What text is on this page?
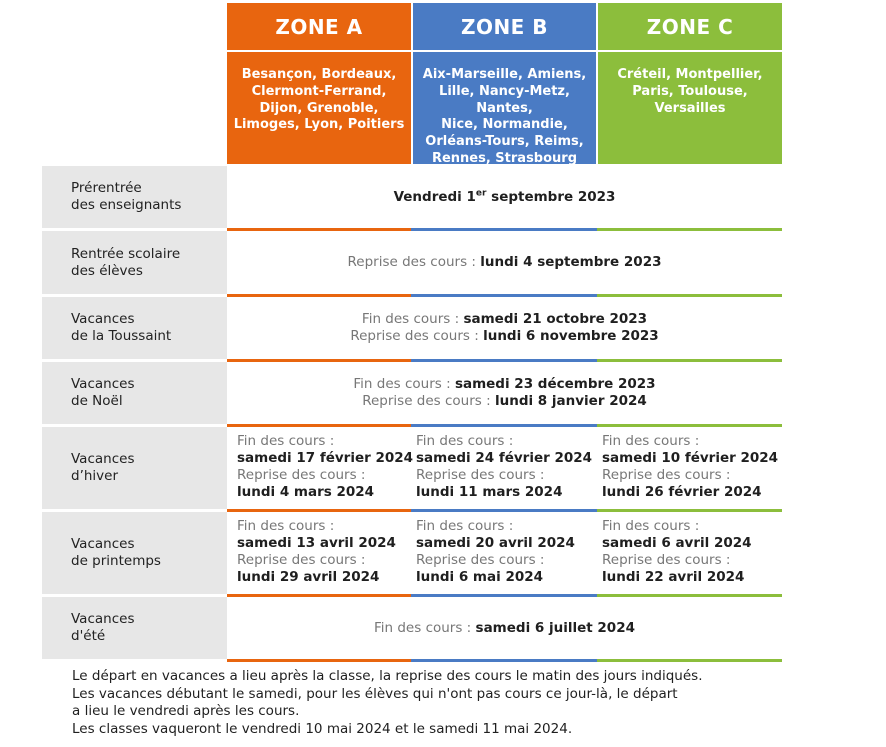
ZONE A	ZONE B	ZONE C
Besançon, Bordeaux,
Clermont-Ferrand,
Dijon, Grenoble,
Limoges, Lyon, Poitiers
Aix-Marseille, Amiens,
Lille, Nancy-Metz, Nantes,
Nice, Normandie,
Orléans-Tours, Reims,
Rennes, Strasbourg
Créteil, Montpellier,
Paris, Toulouse,
Versailles
Prérentrée
des enseignants
Vendredi 1er septembre 2023
Rentrée scolaire
des élèves
Reprise des cours : lundi 4 septembre 2023
Vacances
de la Toussaint
Fin des cours : samedi 21 octobre 2023
Reprise des cours : lundi 6 novembre 2023
Vacances
de Noël
Fin des cours : samedi 23 décembre 2023
Reprise des cours : lundi 8 janvier 2024
Vacances
d’hiver
Fin des cours :
samedi 17 février 2024
Reprise des cours :
lundi 4 mars 2024
Fin des cours :
samedi 24 février 2024
Reprise des cours :
lundi 11 mars 2024
Fin des cours :
samedi 10 février 2024
Reprise des cours :
lundi 26 février 2024
Vacances
de printemps
Fin des cours :
samedi 13 avril 2024
Reprise des cours :
lundi 29 avril 2024
Fin des cours :
samedi 20 avril 2024
Reprise des cours :
lundi 6 mai 2024
Fin des cours :
samedi 6 avril 2024
Reprise des cours :
lundi 22 avril 2024
Vacances
d'été
Fin des cours : samedi 6 juillet 2024
Le départ en vacances a lieu après la classe, la reprise des cours le matin des jours indiqués.
Les vacances débutant le samedi, pour les élèves qui n'ont pas cours ce jour-là, le départ
a lieu le vendredi après les cours.
Les classes vaqueront le vendredi 10 mai 2024 et le samedi 11 mai 2024.
